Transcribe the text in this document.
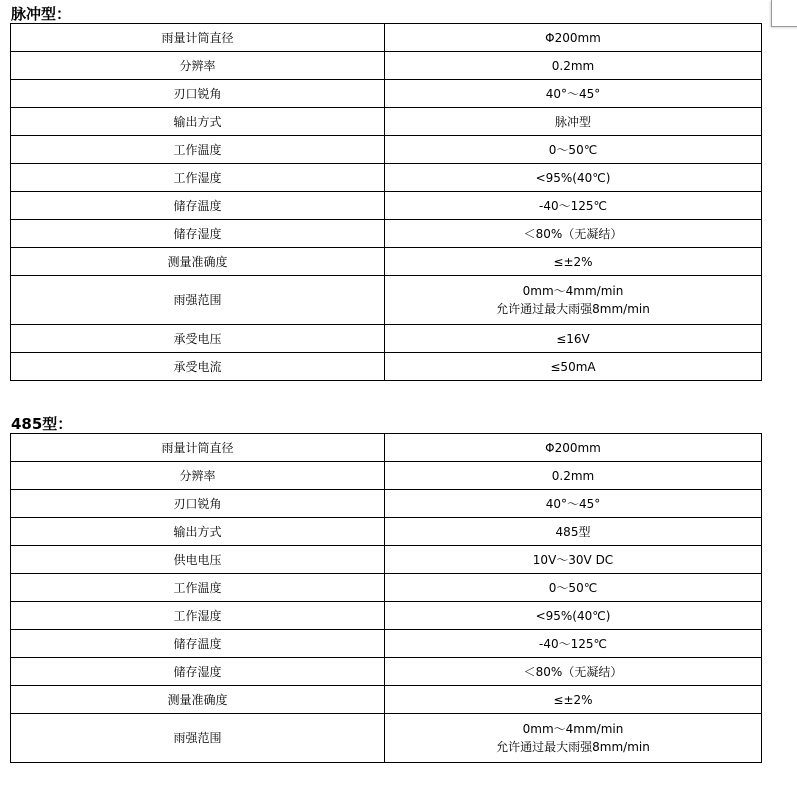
脉冲型：
雨量计筒直径	Φ200mm
分辨率	0.2mm
刃口锐角	40°～45°
输出方式	脉冲型
工作温度	0～50℃
工作湿度	<95%(40℃)
储存温度	-40～125℃
储存湿度	＜80%（无凝结）
测量准确度	≤±2%
雨强范围	0mm～4mm/min
允许通过最大雨强8mm/min

承受电压	≤16V
承受电流	≤50mA
485型：
雨量计筒直径	Φ200mm
分辨率	0.2mm
刃口锐角	40°～45°
输出方式	485型
供电电压	10V～30V DC
工作温度	0～50℃
工作湿度	<95%(40℃)
储存温度	-40～125℃
储存湿度	＜80%（无凝结）
测量准确度	≤±2%
雨强范围	0mm～4mm/min
允许通过最大雨强8mm/min
